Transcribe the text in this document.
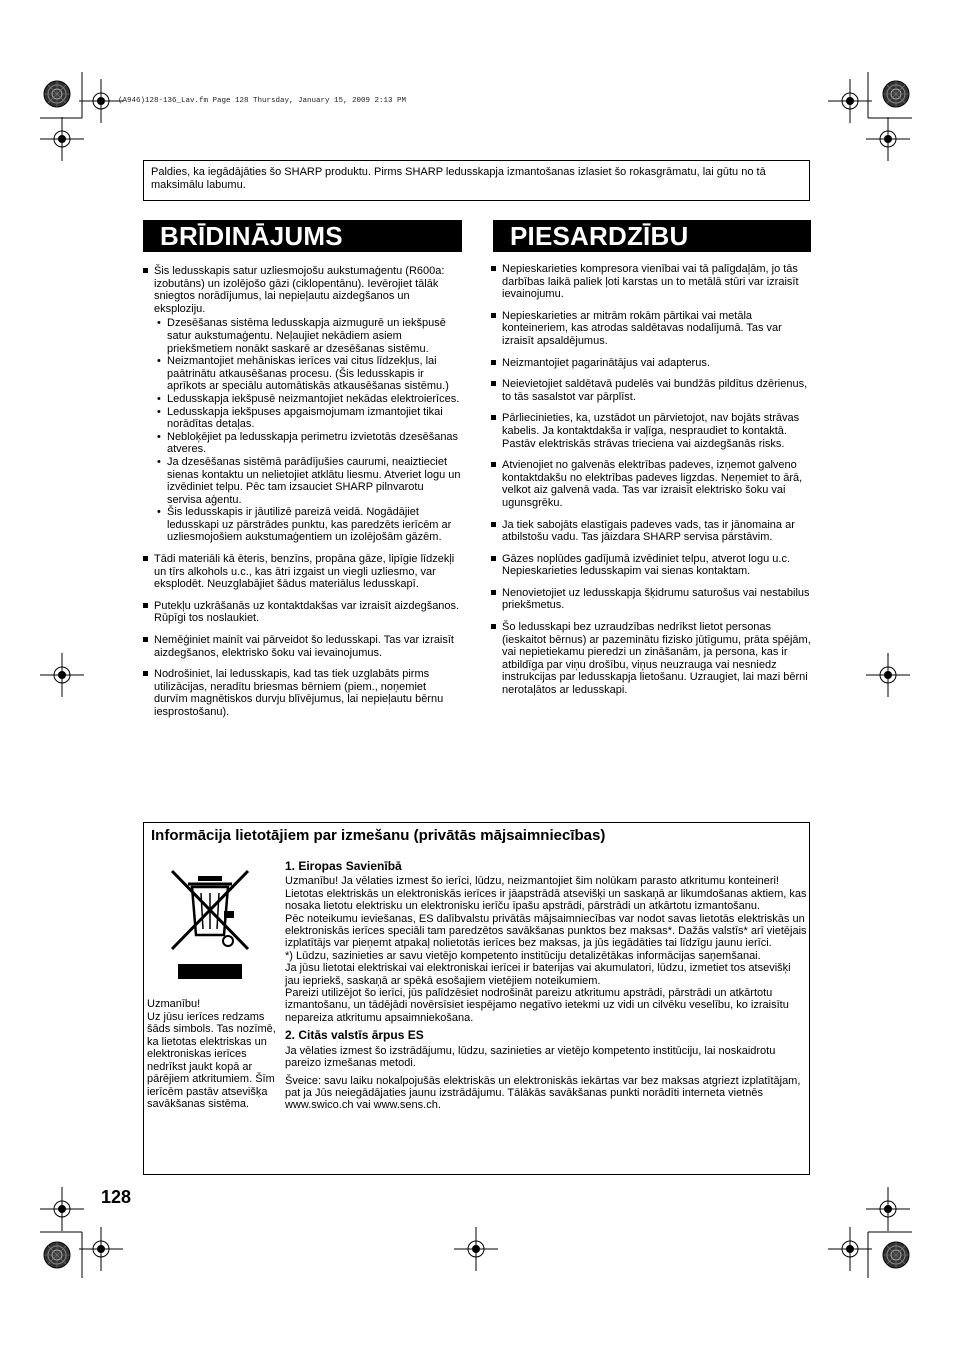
(A946)128-136_Lav.fm Page 128 Thursday, January 15, 2009 2:13 PM
Paldies, ka iegādājāties šo SHARP produktu. Pirms SHARP ledusskapja izmantošanas izlasiet šo rokasgrāmatu, lai gūtu no tā maksimālu labumu.
BRĪDINĀJUMS
Šis ledusskapis satur uzliesmojošu aukstumaģentu (R600a: izobutāns) un izolējošo gāzi (ciklopentānu). Ievērojiet tālāk sniegtos norādījumus, lai nepieļautu aizdegšanos un eksploziju.
• Dzesēšanas sistēma ledusskapja aizmugurē un iekšpusē satur aukstumaģentu. Neļaujiet nekādiem asiem priekšmetiem nonākt saskarē ar dzesēšanas sistēmu.
• Neizmantojiet mehāniskas ierīces vai citus līdzekļus, lai paātrinātu atkausēšanas procesu. (Šis ledusskapis ir aprīkots ar speciālu automātiskās atkausēšanas sistēmu.)
• Ledusskapja iekšpusē neizmantojiet nekādas elektroierīces.
• Ledusskapja iekšpuses apgaismojumam izmantojiet tikai norādītas detaļas.
• Nebloķējiet pa ledusskapja perimetru izvietotās dzesēšanas atveres.
• Ja dzesēšanas sistēmā parādījušies caurumi, neaiztieciet sienas kontaktu un nelietojiet atklātu liesmu. Atveriet logu un izvēdiniet telpu. Pēc tam izsauciet SHARP pilnvarotu servisa aģentu.
• Šis ledusskapis ir jāutilizē pareizā veidā. Nogādājiet ledusskapi uz pārstrādes punktu, kas paredzēts ierīcēm ar uzliesmojošiem aukstumaģentiem un izolējošām gāzēm.
Tādi materiāli kā ēteris, benzīns, propāna gāze, lipīgie līdzekļi un tīrs alkohols u.c., kas ātri izgaist un viegli uzliesmo, var eksplodēt. Neuzglabājiet šādus materiālus ledusskapī.
Putekļu uzkrāšanās uz kontaktdakšas var izraisīt aizdegšanos. Rūpīgi tos noslaukiet.
Nemēģiniet mainīt vai pārveidot šo ledusskapi. Tas var izraisīt aizdegšanos, elektrisko šoku vai ievainojumus.
Nodrošiniet, lai ledusskapis, kad tas tiek uzglabāts pirms utilizācijas, neradītu briesmas bērniem (piem., noņemiet durvīm magnētiskos durvju blīvējumus, lai nepieļautu bērnu iesprostošanu).
PIESARDZĪBU
Nepieskarieties kompresora vienībai vai tā palīgdaļām, jo tās darbības laikā paliek ļoti karstas un to metālā stūri var izraisīt ievainojumu.
Nepieskarieties ar mitrām rokām pārtikai vai metāla konteineriem, kas atrodas saldētavas nodalījumā. Tas var izraisīt apsaldējumus.
Neizmantojiet pagarinātājus vai adapterus.
Neievietojiet saldētavā pudelēs vai bundžās pildītus dzērienus, to tās sasalstot var pārplīst.
Pārliecinieties, ka, uzstādot un pārvietojot, nav bojāts strāvas kabelis. Ja kontaktdakša ir vaļīga, nespraudiet to kontaktā. Pastāv elektriskās strāvas trieciena vai aizdegšanās risks.
Atvienojiet no galvenās elektrības padeves, izņemot galveno kontaktdakšu no elektrības padeves ligzdas. Neņemiet to ārā, velkot aiz galvenā vada. Tas var izraisīt elektrisko šoku vai ugunsgrēku.
Ja tiek sabojāts elastīgais padeves vads, tas ir jānomaina ar atbilstošu vadu. Tas jāizdara SHARP servisa pārstāvim.
Gāzes noplūdes gadījumā izvēdiniet telpu, atverot logu u.c. Nepieskarieties ledusskapim vai sienas kontaktam.
Nenovietojiet uz ledusskapja šķidrumu saturošus vai nestabilus priekšmetus.
Šo ledusskapi bez uzraudzības nedrīkst lietot personas (ieskaitot bērnus) ar pazeminātu fizisko jūtīgumu, prāta spējām, vai nepietiekamu pieredzi un zināšanām, ja persona, kas ir atbildīga par viņu drošību, viņus neuzrauga vai nesniedz instrukcijas par ledusskapja lietošanu. Uzraugiet, lai mazi bērni nerotaļātos ar ledusskapi.
Informācija lietotājiem par izmešanu (privātās mājsaimniecības)
Uzmanību!
Uz jūsu ierīces redzams šāds simbols. Tas nozīmē, ka lietotas elektriskas un elektroniskas ierīces nedrīkst jaukt kopā ar pārējiem atkritumiem. Šīm ierīcēm pastāv atsevišķa savākšanas sistēma.
1. Eiropas Savienībā

Uzmanību! Ja vēlaties izmest šo ierīci, lūdzu, neizmantojiet šim nolūkam parasto atkritumu konteineri!

Lietotas elektriskās un elektroniskās ierīces ir jāapstrādā atsevišķi un saskaņā ar likumdošanas aktiem, kas nosaka lietotu elektrisku un elektronisku ierīču īpašu apstrādi, pārstrādi un atkārtotu izmantošanu.

Pēc noteikumu ieviešanas, ES dalībvalstu privātās mājsaimniecības var nodot savas lietotās elektriskās un elektroniskās ierīces speciāli tam paredzētos savākšanas punktos bez maksas*. Dažās valstīs* arī vietējais izplatītājs var pieņemt atpakaļ nolietotās ierīces bez maksas, ja jūs iegādāties tai līdzīgu jaunu ierīci.

*) Lūdzu, sazinieties ar savu vietējo kompetento institūciju detalizētākas informācijas saņemšanai.

Ja jūsu lietotai elektriskai vai elektroniskai ierīcei ir baterijas vai akumulatori, lūdzu, izmetiet tos atsevišķi jau iepriekš, saskaņā ar spēkā esošajiem vietējiem noteikumiem.

Pareizi utilizējot šo ierīci, jūs palīdzēsiet nodrošināt pareizu atkritumu apstrādi, pārstrādi un atkārtotu izmantošanu, un tādējādi novērsīsiet iespējamo negatīvo ietekmi uz vidi un cilvēku veselību, ko izraisītu nepareiza atkritumu apsaimniekošana.

2. Citās valstīs ārpus ES

Ja vēlaties izmest šo izstrādājumu, lūdzu, sazinieties ar vietējo kompetento institūciju, lai noskaidrotu pareizo izmešanas metodi.

Šveice: savu laiku nokalpojušās elektriskās un elektroniskās iekārtas var bez maksas atgriezt izplatītājam, pat ja Jūs neiegādājaties jaunu izstrādājumu. Tālākās savākšanas punkti norādīti interneta vietnēs www.swico.ch vai www.sens.ch.

128
